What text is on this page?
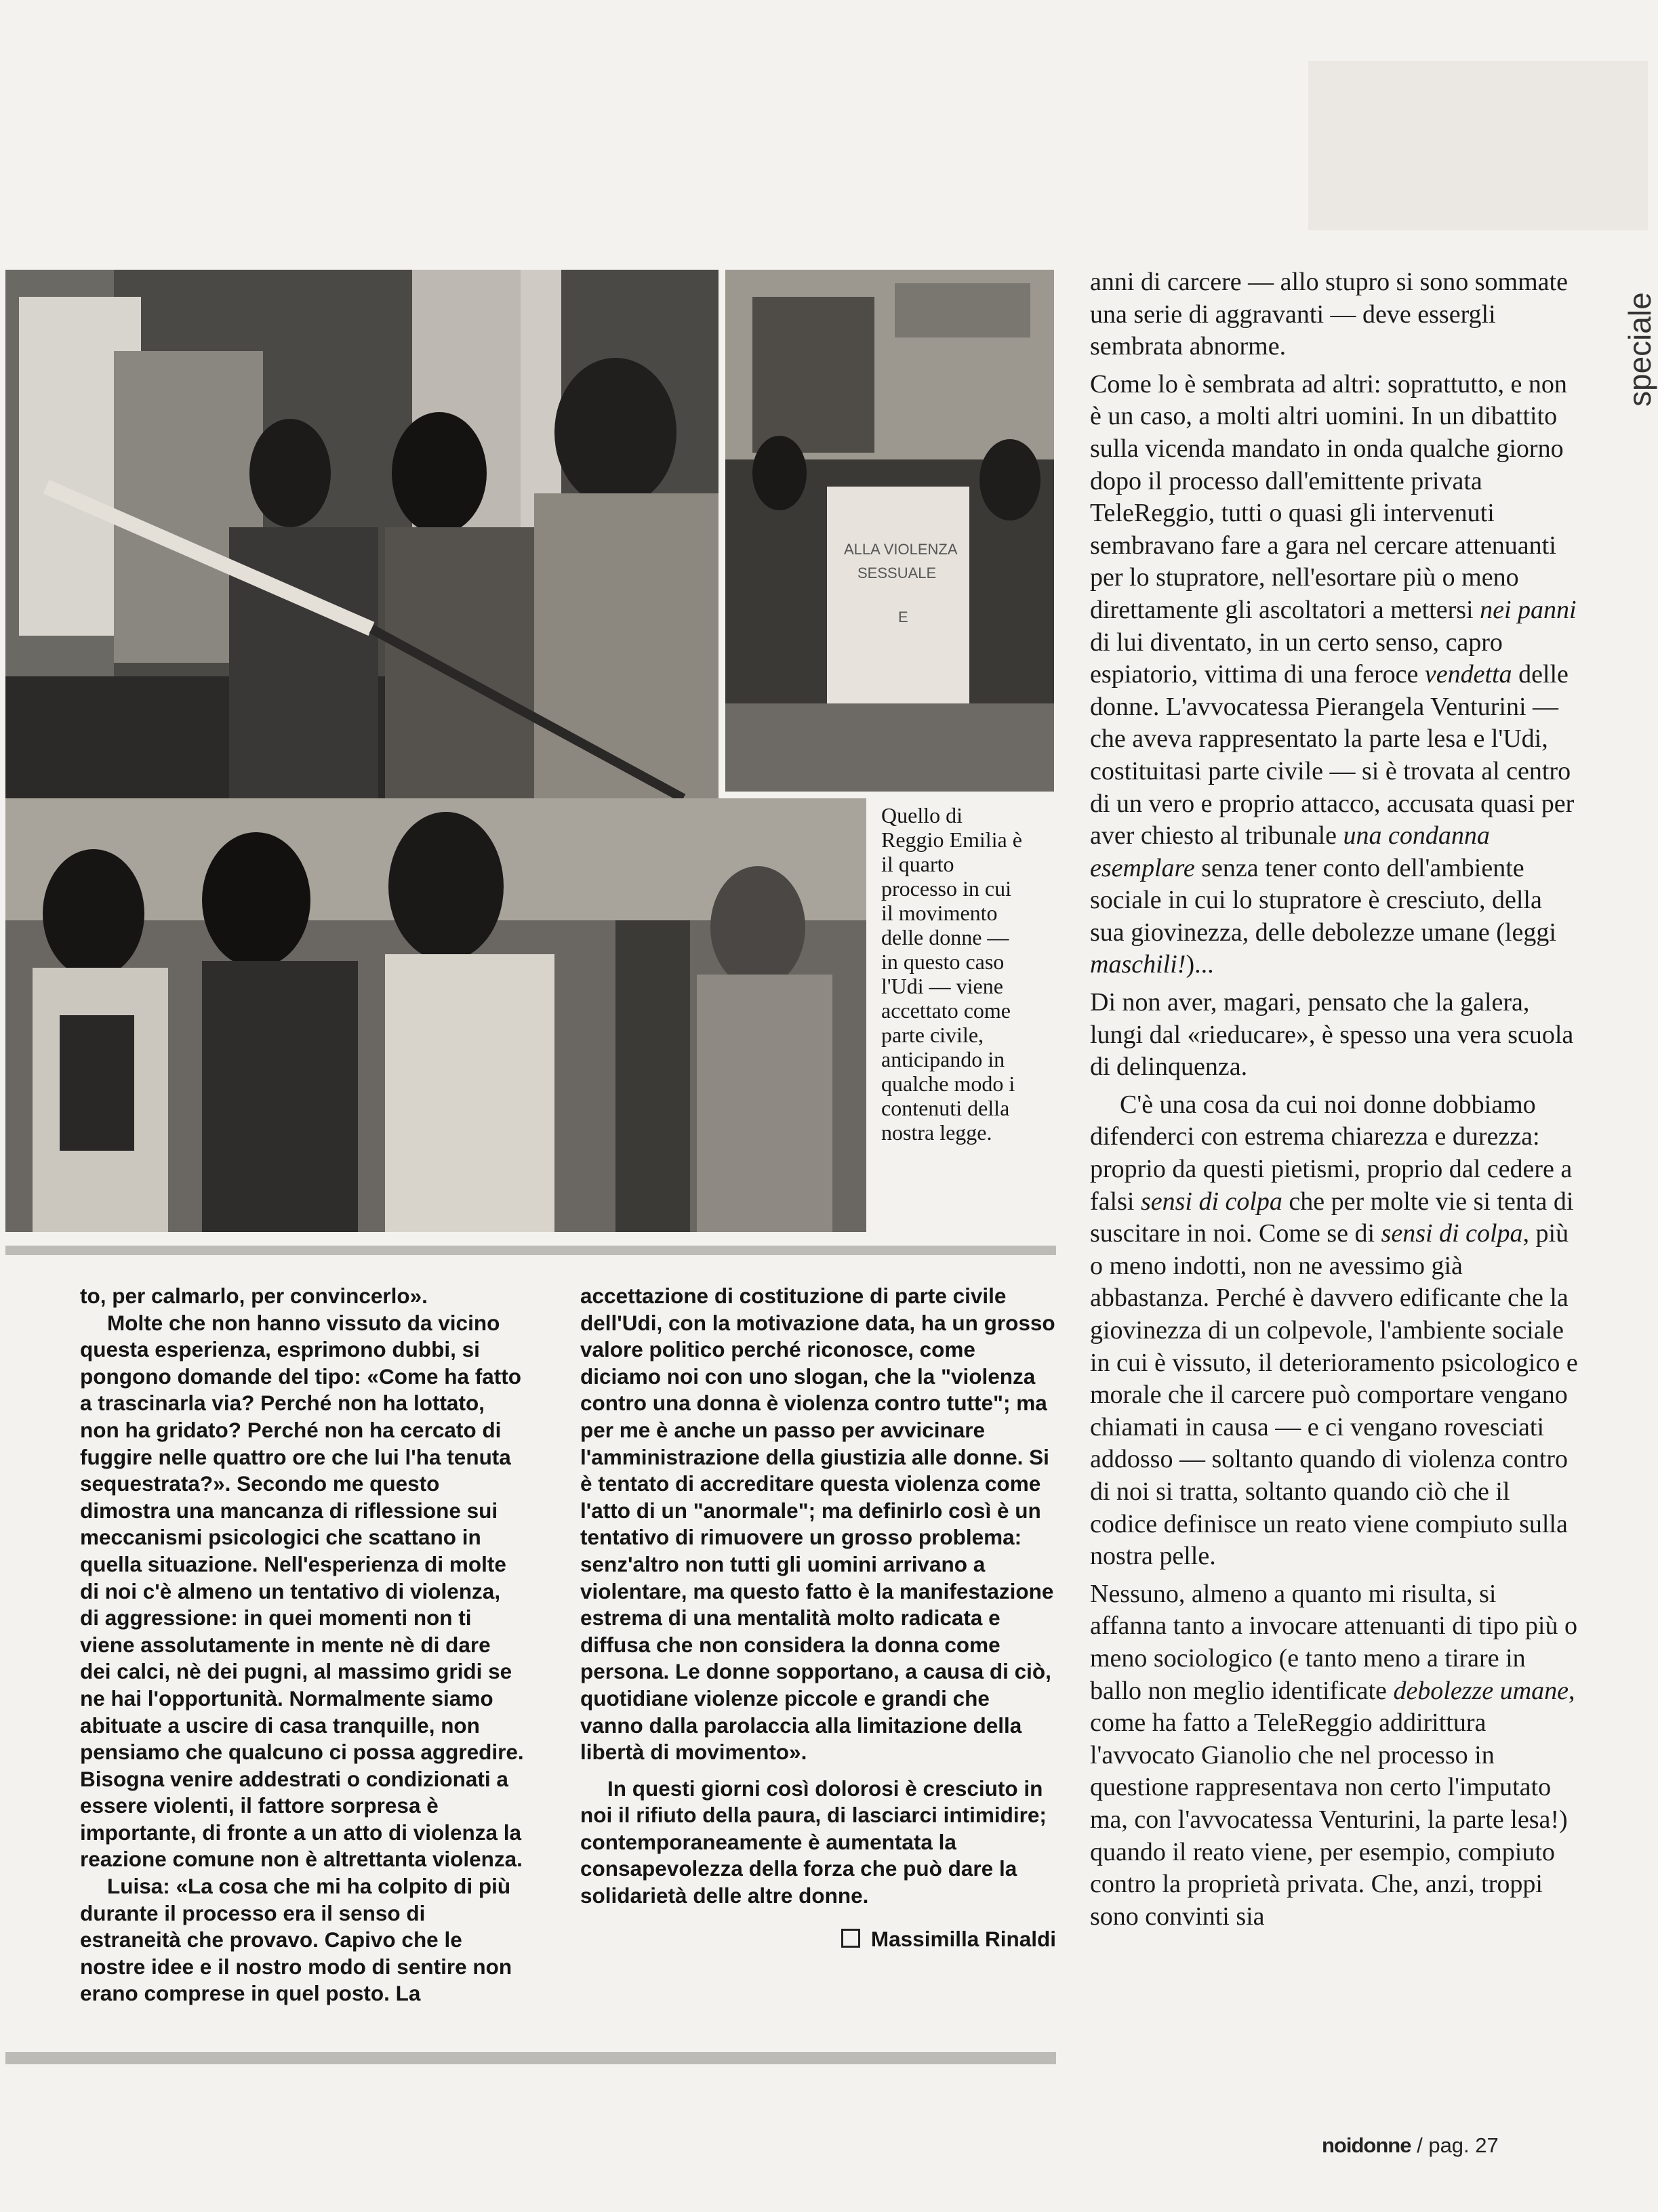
speciale
ALLA VIOLENZA
SESSUALE
E
Quello di
Reggio Emilia è
il quarto
processo in cui
il movimento
delle donne —
in questo caso
l'Udi — viene
accettato come
parte civile,
anticipando in
qualche modo i
contenuti della
nostra legge.

anni di carcere — allo stupro si sono sommate una serie di aggravanti — deve essergli sembrata abnorme.

Come lo è sembrata ad altri: soprattutto, e non è un caso, a molti altri uomini. In un dibattito sulla vicenda mandato in onda qualche giorno dopo il processo dall'emittente privata TeleReggio, tutti o quasi gli intervenuti sembravano fare a gara nel cercare attenuanti per lo stupratore, nell'esortare più o meno direttamente gli ascoltatori a mettersi nei panni di lui diventato, in un certo senso, capro espiatorio, vittima di una feroce vendetta delle donne. L'avvocatessa Pierangela Venturini — che aveva rappresentato la parte lesa e l'Udi, costituitasi parte civile — si è trovata al centro di un vero e proprio attacco, accusata quasi per aver chiesto al tribunale una condanna esemplare senza tener conto dell'ambiente sociale in cui lo stupratore è cresciuto, della sua giovinezza, delle debolezze umane (leggi maschili!)...

Di non aver, magari, pensato che la galera, lungi dal «rieducare», è spesso una vera scuola di delinquenza.

C'è una cosa da cui noi donne dobbiamo difenderci con estrema chiarezza e durezza: proprio da questi pietismi, proprio dal cedere a falsi sensi di colpa che per molte vie si tenta di suscitare in noi. Come se di sensi di colpa, più o meno indotti, non ne avessimo già abbastanza. Perché è davvero edificante che la giovinezza di un colpevole, l'ambiente sociale in cui è vissuto, il deterioramento psicologico e morale che il carcere può comportare vengano chiamati in causa — e ci vengano rovesciati addosso — soltanto quando di violenza contro di noi si tratta, soltanto quando ciò che il codice definisce un reato viene compiuto sulla nostra pelle.

Nessuno, almeno a quanto mi risulta, si affanna tanto a invocare attenuanti di tipo più o meno sociologico (e tanto meno a tirare in ballo non meglio identificate debolezze umane, come ha fatto a TeleReggio addirittura l'avvocato Gianolio che nel processo in questione rappresentava non certo l'imputato ma, con l'avvocatessa Venturini, la parte lesa!) quando il reato viene, per esempio, compiuto contro la proprietà privata. Che, anzi, troppi sono convinti sia

to, per calmarlo, per convincerlo».

Molte che non hanno vissuto da vicino questa esperienza, esprimono dubbi, si pongono domande del tipo: «Come ha fatto a trascinarla via? Perché non ha lottato, non ha gridato? Perché non ha cercato di fuggire nelle quattro ore che lui l'ha tenuta sequestrata?». Secondo me questo dimostra una mancanza di riflessione sui meccanismi psicologici che scattano in quella situazione. Nell'esperienza di molte di noi c'è almeno un tentativo di violenza, di aggressione: in quei momenti non ti viene assolutamente in mente nè di dare dei calci, nè dei pugni, al massimo gridi se ne hai l'opportunità. Normalmente siamo abituate a uscire di casa tranquille, non pensiamo che qualcuno ci possa aggredire. Bisogna venire addestrati o condizionati a essere violenti, il fattore sorpresa è importante, di fronte a un atto di violenza la reazione comune non è altrettanta violenza.

Luisa: «La cosa che mi ha colpito di più durante il processo era il senso di estraneità che provavo. Capivo che le nostre idee e il nostro modo di sentire non erano comprese in quel posto. La

accettazione di costituzione di parte civile dell'Udi, con la motivazione data, ha un grosso valore politico perché riconosce, come diciamo noi con uno slogan, che la "violenza contro una donna è violenza contro tutte"; ma per me è anche un passo per avvicinare l'amministrazione della giustizia alle donne. Si è tentato di accreditare questa violenza come l'atto di un "anormale"; ma definirlo così è un tentativo di rimuovere un grosso problema: senz'altro non tutti gli uomini arrivano a violentare, ma questo fatto è la manifestazione estrema di una mentalità molto radicata e diffusa che non considera la donna come persona. Le donne sopportano, a causa di ciò, quotidiane violenze piccole e grandi che vanno dalla parolaccia alla limitazione della libertà di movimento».

In questi giorni così dolorosi è cresciuto in noi il rifiuto della paura, di lasciarci intimidire; contemporaneamente è aumentata la consapevolezza della forza che può dare la solidarietà delle altre donne.

Massimilla Rinaldi

noidonne / pag. 27
